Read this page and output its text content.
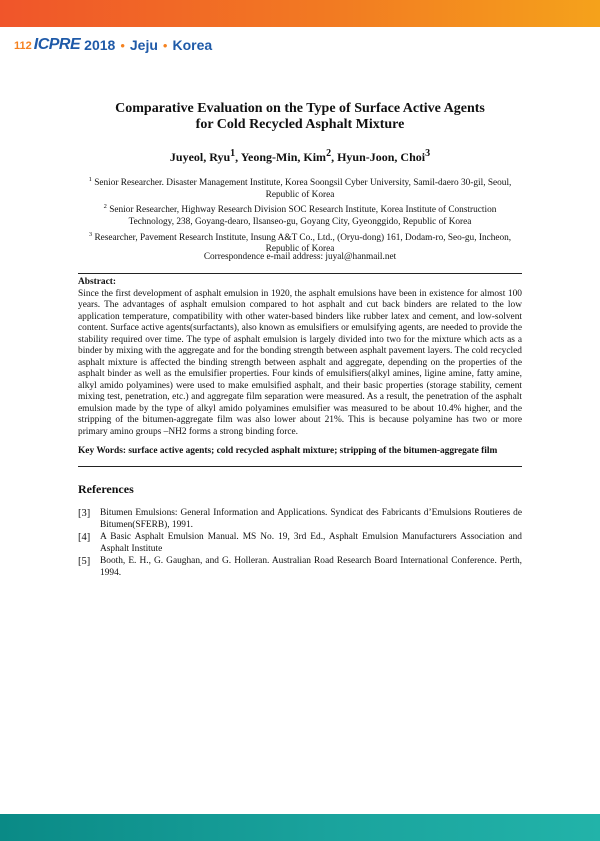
112 ICPRE 2018 • Jeju • Korea
Comparative Evaluation on the Type of Surface Active Agents
for Cold Recycled Asphalt Mixture
Juyeol, Ryu$^1$, Yeong-Min, Kim$^2$, Hyun-Joon, Choi$^3$
$^1$ Senior Researcher. Disaster Management Institute, Korea Soongsil Cyber University, Samil-daero 30-gil, Seoul, Republic of Korea
$^2$ Senior Researcher, Highway Research Division SOC Research Institute, Korea Institute of Construction Technology, 238, Goyang-dearo, Ilsanseo-gu, Goyang City, Gyeonggido, Republic of Korea
$^3$ Researcher, Pavement Research Institute, Insung A&T Co., Ltd., (Oryu-dong) 161, Dodam-ro, Seo-gu, Incheon, Republic of Korea
Correspondence e-mail address: juyal@hanmail.net
Abstract:
Since the first development of asphalt emulsion in 1920, the asphalt emulsions have been in existence for almost 100 years. The advantages of asphalt emulsion compared to hot asphalt and cut back binders are related to the low application temperature, compatibility with other water-based binders like rubber latex and cement, and low-solvent content. Surface active agents(surfactants), also known as emulsifiers or emulsifying agents, are needed to provide the stability required over time. The type of asphalt emulsion is largely divided into two for the mixture which acts as a binder by mixing with the aggregate and for the bonding strength between asphalt pavement layers. The cold recycled asphalt mixture is affected the binding strength between asphalt and aggregate, depending on the properties of the asphalt binder as well as the emulsifier properties. Four kinds of emulsifiers(alkyl amines, ligine amine, fatty amine, alkyl amido polyamines) were used to make emulsified asphalt, and their basic properties (storage stability, cement mixing test, penetration, etc.) and aggregate film separation were measured. As a result, the penetration of the asphalt emulsion made by the type of alkyl amido polyamines emulsifier was measured to be about 10.4% higher, and the stripping of the bitumen-aggregate film was also lower about 21%. This is because polyamine has two or more primary amino groups –NH2 forms a strong binding force.
Key Words: surface active agents; cold recycled asphalt mixture; stripping of the bitumen-aggregate film
References
[3]	Bitumen Emulsions: General Information and Applications. Syndicat des Fabricants d’Emulsions Routieres de Bitumen(SFERB), 1991.
[4]	A Basic Asphalt Emulsion Manual. MS No. 19, 3rd Ed., Asphalt Emulsion Manufacturers Association and Asphalt Institute
[5]	Booth, E. H., G. Gaughan, and G. Holleran. Australian Road Research Board International Conference. Perth, 1994.
